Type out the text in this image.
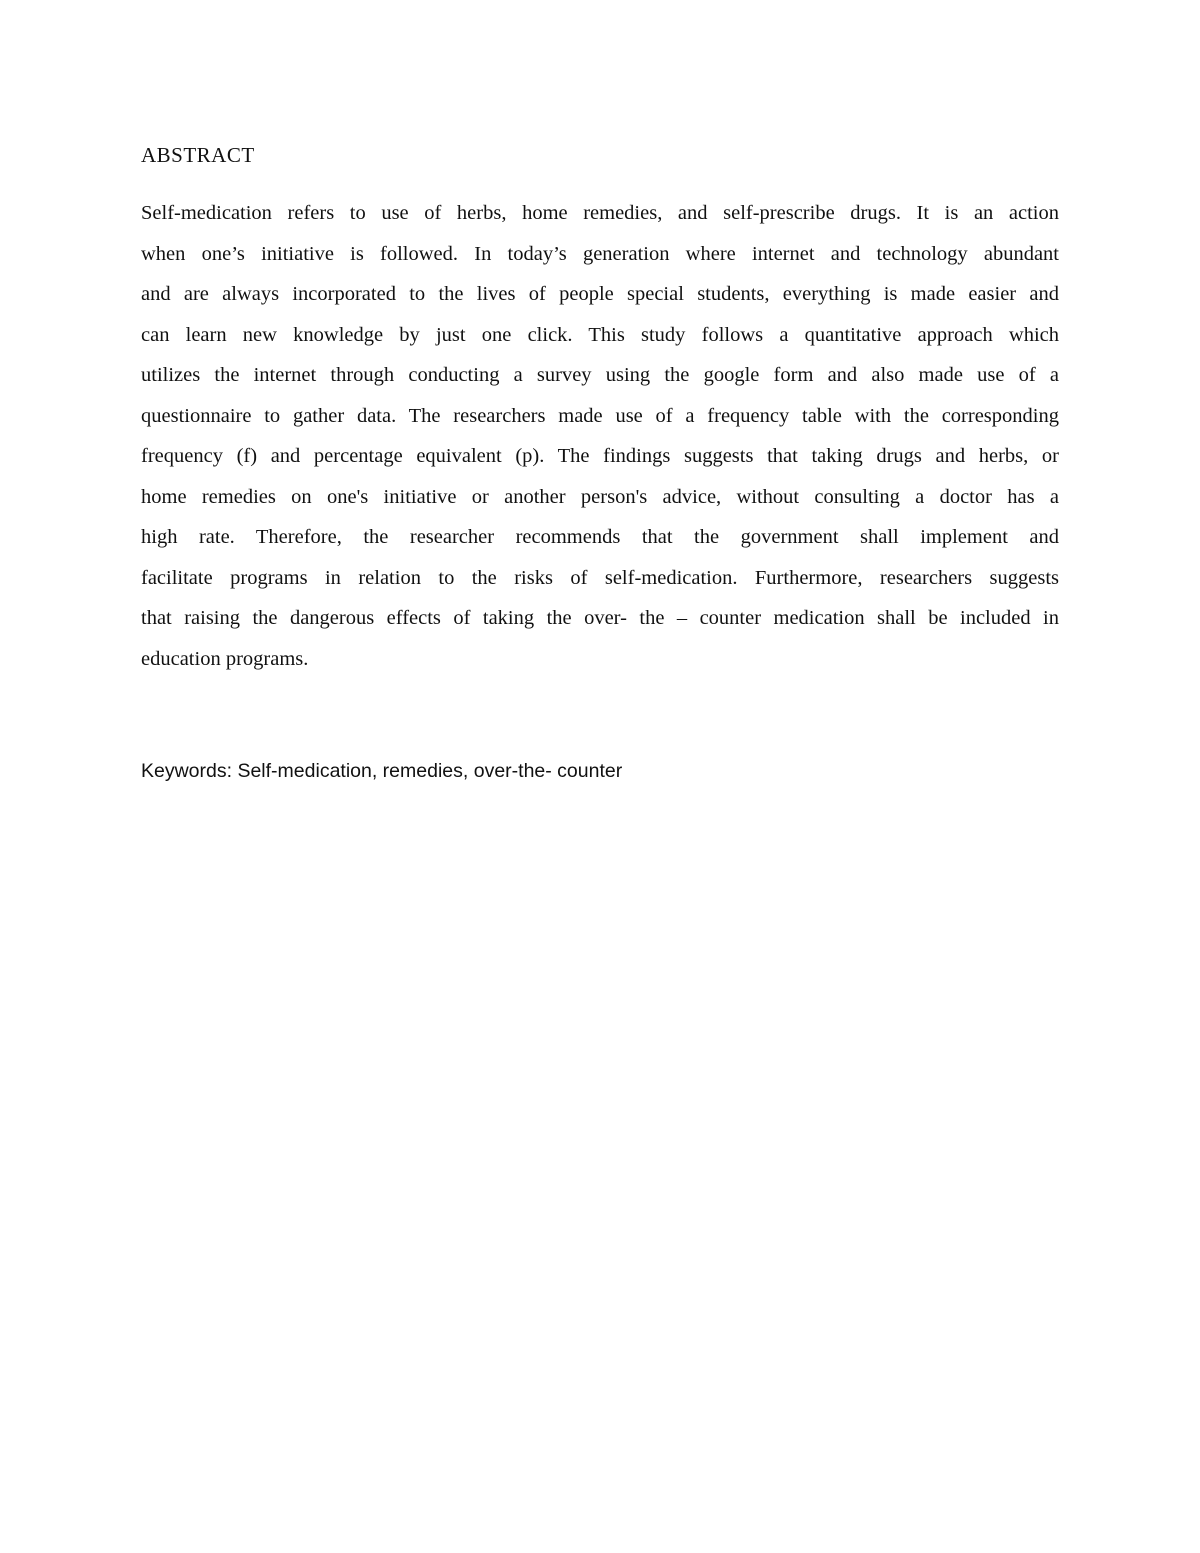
ABSTRACT
Self-medication refers to use of herbs, home remedies, and self-prescribe drugs. It is an action
when one’s initiative is followed. In today’s generation where internet and technology abundant
and are always incorporated to the lives of people special students, everything is made easier and
can learn new knowledge by just one click. This study follows a quantitative approach which
utilizes the internet through conducting a survey using the google form and also made use of a
questionnaire to gather data. The researchers made use of a frequency table with the corresponding
frequency (f) and percentage equivalent (p). The findings suggests that taking drugs and herbs, or
home remedies on one's initiative or another person's advice, without consulting a doctor has a
high rate. Therefore, the researcher recommends that the government shall implement and
facilitate programs in relation to the risks of self-medication. Furthermore, researchers suggests
that raising the dangerous effects of taking the over- the – counter medication shall be included in
education programs.

Keywords: Self-medication, remedies, over-the- counter
